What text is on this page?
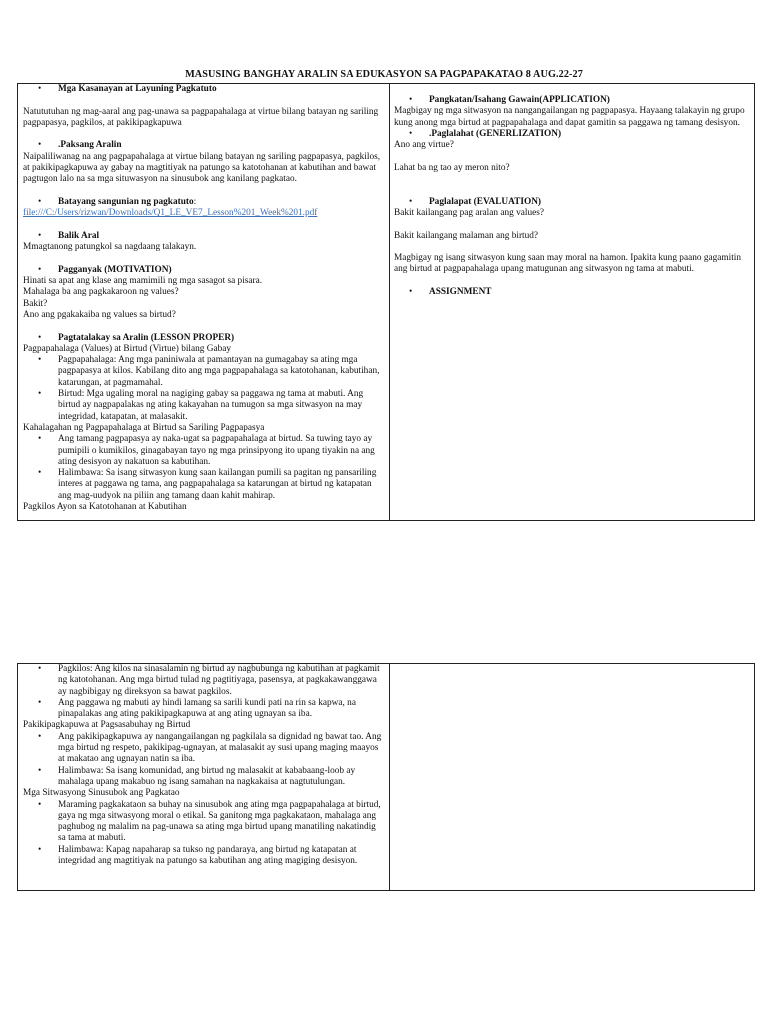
MASUSING BANGHAY ARALIN SA EDUKASYON SA PAGPAPAKATAO 8 AUG.22-27

• Mga Kasanayan at Layuning Pagkatuto

Natututuhan ng mag-aaral ang pag-unawa sa pagpapahalaga at virtue bilang batayan ng sariling pagpapasya, pagkilos, at pakikipagkapuwa

• .Paksang Aralin

Naipaliliwanag na ang pagpapahalaga at virtue bilang batayan ng sariling pagpapasya, pagkilos, at pakikipagkapuwa ay gabay na magtitiyak na patungo sa katotohanan at kabutihan and bawat pagtugon lalo na sa mga situwasyon na sinusubok ang kanilang pagkatao.

• Batayang sangunian ng pagkatuto:

file:///C:/Users/rizwan/Downloads/Q1_LE_VE7_Lesson%201_Week%201.pdf

• Balik Aral

Mmagtanong patungkol sa nagdaang talakayn.

• Pagganyak (MOTIVATION)

Hinati sa apat ang klase ang mamimili ng mga sasagot sa pisara.

Mahalaga ba ang pagkakaroon ng values?

Bakit?

Ano ang pgakakaiba ng values sa birtud?

• Pagtatalakay sa Aralin (LESSON PROPER)

Pagpapahalaga (Values) at Birtud (Virtue) bilang Gabay

• Pagpapahalaga: Ang mga paniniwala at pamantayan na gumagabay sa ating mga pagpapasya at kilos. Kabilang dito ang mga pagpapahalaga sa katotohanan, kabutihan, katarungan, at pagmamahal.
• Birtud: Mga ugaling moral na nagiging gabay sa paggawa ng tama at mabuti. Ang birtud ay nagpapalakas ng ating kakayahan na tumugon sa mga sitwasyon na may integridad, katapatan, at malasakit.

Kahalagahan ng Pagpapahalaga at Birtud sa Sariling Pagpapasya

• Ang tamang pagpapasya ay naka-ugat sa pagpapahalaga at birtud. Sa tuwing tayo ay pumipili o kumikilos, ginagabayan tayo ng mga prinsipyong ito upang tiyakin na ang ating desisyon ay nakatuon sa kabutihan.
• Halimbawa: Sa isang sitwasyon kung saan kailangan pumili sa pagitan ng pansariling interes at paggawa ng tama, ang pagpapahalaga sa katarungan at birtud ng katapatan ang mag-uudyok na piliin ang tamang daan kahit mahirap.

Pagkilos Ayon sa Katotohanan at Kabutihan

• Pangkatan/Isahang Gawain(APPLICATION)

Magbigay ng mga sitwasyon na nangangailangan ng pagpapasya. Hayaang talakayin ng grupo kung anong mga birtud at pagpapahalaga and dapat gamitin sa paggawa ng tamang desisyon.

• .Paglalahat (GENERLIZATION)

Ano ang virtue?

Lahat ba ng tao ay meron nito?

• Paglalapat (EVALUATION)

Bakit kailangang pag aralan ang values?

Bakit kailangang malaman ang birtud?

Magbigay ng isang sitwasyon kung saan may moral na hamon. Ipakita kung paano gagamitin ang birtud at pagpapahalaga upang matugunan ang sitwasyon ng tama at mabuti.

• ASSIGNMENT

• Pagkilos: Ang kilos na sinasalamin ng birtud ay nagbubunga ng kabutihan at pagkamit ng katotohanan. Ang mga birtud tulad ng pagtitiyaga, pasensya, at pagkakawanggawa ay nagbibigay ng direksyon sa bawat pagkilos.
• Ang paggawa ng mabuti ay hindi lamang sa sarili kundi pati na rin sa kapwa, na pinapalakas ang ating pakikipagkapuwa at ang ating ugnayan sa iba.

Pakikipagkapuwa at Pagsasabuhay ng Birtud

• Ang pakikipagkapuwa ay nangangailangan ng pagkilala sa dignidad ng bawat tao. Ang mga birtud ng respeto, pakikipag-ugnayan, at malasakit ay susi upang maging maayos at makatao ang ugnayan natin sa iba.
• Halimbawa: Sa isang komunidad, ang birtud ng malasakit at kababaang-loob ay mahalaga upang makabuo ng isang samahan na nagkakaisa at nagtutulungan.

Mga Sitwasyong Sinusubok ang Pagkatao

• Maraming pagkakataon sa buhay na sinusubok ang ating mga pagpapahalaga at birtud, gaya ng mga sitwasyong moral o etikal. Sa ganitong mga pagkakataon, mahalaga ang paghubog ng malalim na pag-unawa sa ating mga birtud upang manatiling nakatindig sa tama at mabuti.
• Halimbawa: Kapag napaharap sa tukso ng pandaraya, ang birtud ng katapatan at integridad ang magtitiyak na patungo sa kabutihan ang ating magiging desisyon.
